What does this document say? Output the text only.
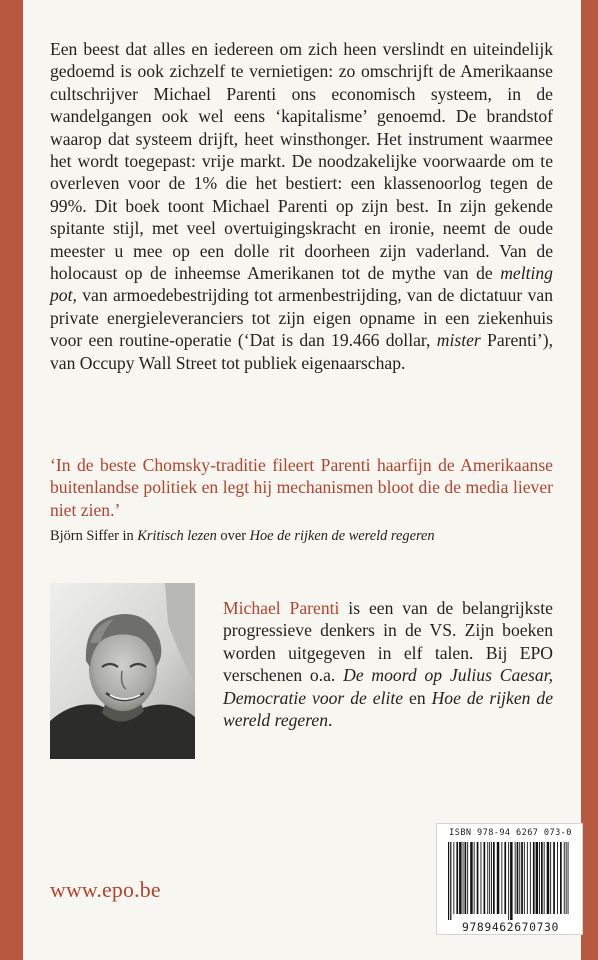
Een beest dat alles en iedereen om zich heen verslindt en uiteindelijk gedoemd is ook zichzelf te vernietigen: zo omschrijft de Amerikaanse cultschrijver Michael Parenti ons economisch systeem, in de wandelgangen ook wel eens ‘kapitalisme’ genoemd. De brandstof waarop dat systeem drijft, heet winsthonger. Het instrument waarmee het wordt toegepast: vrije markt. De noodzakelijke voorwaarde om te overleven voor de 1% die het bestiert: een klassenoorlog tegen de 99%. Dit boek toont Michael Parenti op zijn best. In zijn gekende spitante stijl, met veel overtuigingskracht en ironie, neemt de oude meester u mee op een dolle rit doorheen zijn vaderland. Van de holocaust op de inheemse Amerikanen tot de mythe van de melting pot, van armoedebestrijding tot armenbestrijding, van de dictatuur van private energieleveranciers tot zijn eigen opname in een ziekenhuis voor een routine-operatie (‘Dat is dan 19.466 dollar, mister Parenti’), van Occupy Wall Street tot publiek eigenaarschap.

‘In de beste Chomsky-traditie fileert Parenti haarfijn de Amerikaanse buitenlandse politiek en legt hij mechanismen bloot die de media liever niet zien.’

Björn Siffer in Kritisch lezen over Hoe de rijken de wereld regeren

Michael Parenti is een van de belangrijkste progressieve denkers in de VS. Zijn boeken worden uitgegeven in elf talen. Bij EPO verschenen o.a. De moord op Julius Caesar, Democratie voor de elite en Hoe de rijken de wereld regeren.

www.epo.be
ISBN 978-94 6267 073-0
9789462670730
